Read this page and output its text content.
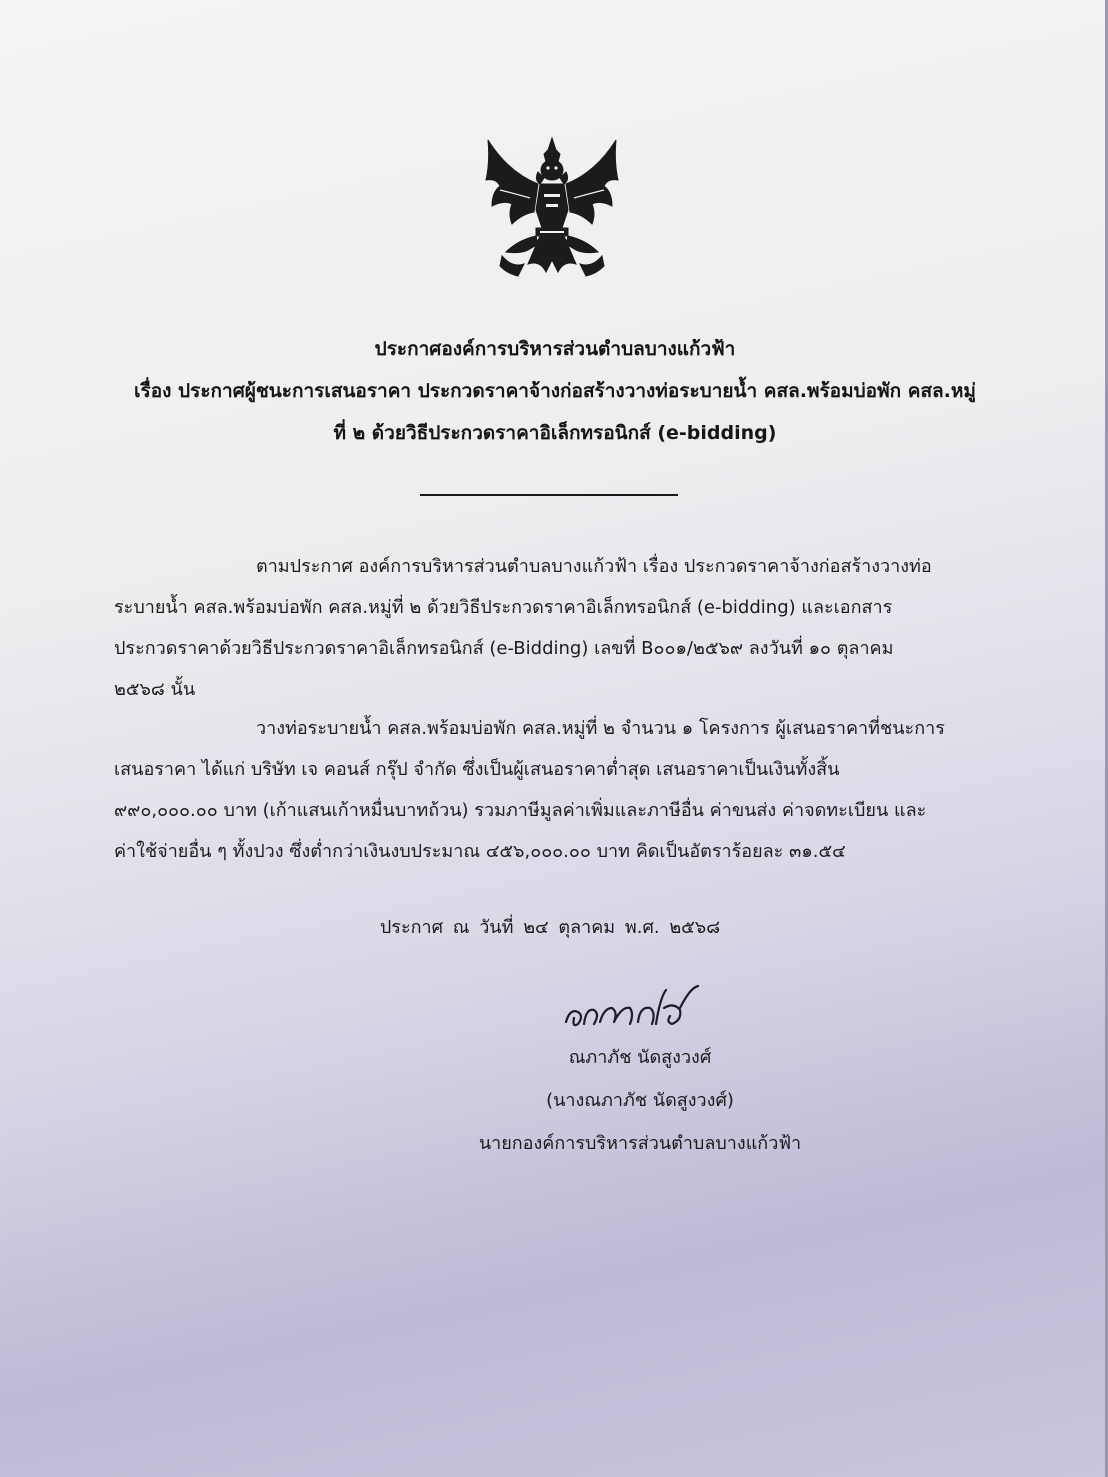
ประกาศองค์การบริหารส่วนตำบลบางแก้วฟ้า
เรื่อง ประกาศผู้ชนะการเสนอราคา ประกวดราคาจ้างก่อสร้างวางท่อระบายน้ำ คสล.พร้อมบ่อพัก คสล.หมู่
ที่ ๒ ด้วยวิธีประกวดราคาอิเล็กทรอนิกส์ (e-bidding)
ตามประกาศ องค์การบริหารส่วนตำบลบางแก้วฟ้า เรื่อง ประกวดราคาจ้างก่อสร้างวางท่อ
ระบายน้ำ คสล.พร้อมบ่อพัก คสล.หมู่ที่ ๒ ด้วยวิธีประกวดราคาอิเล็กทรอนิกส์ (e-bidding) และเอกสาร
ประกวดราคาด้วยวิธีประกวดราคาอิเล็กทรอนิกส์ (e-Bidding) เลขที่ B๐๐๑/๒๕๖๙ ลงวันที่ ๑๐ ตุลาคม
๒๕๖๘ นั้น
วางท่อระบายน้ำ คสล.พร้อมบ่อพัก คสล.หมู่ที่ ๒ จำนวน ๑ โครงการ ผู้เสนอราคาที่ชนะการ
เสนอราคา ได้แก่ บริษัท เจ คอนส์ กรุ๊ป จำกัด ซึ่งเป็นผู้เสนอราคาต่ำสุด เสนอราคาเป็นเงินทั้งสิ้น
๙๙๐,๐๐๐.๐๐ บาท (เก้าแสนเก้าหมื่นบาทถ้วน) รวมภาษีมูลค่าเพิ่มและภาษีอื่น ค่าขนส่ง ค่าจดทะเบียน และ
ค่าใช้จ่ายอื่น ๆ ทั้งปวง ซึ่งต่ำกว่าเงินงบประมาณ ๔๕๖,๐๐๐.๐๐ บาท คิดเป็นอัตราร้อยละ ๓๑.๕๔
ประกาศ ณ วันที่ ๒๔ ตุลาคม พ.ศ. ๒๕๖๘
ณภาภัช นัดสูงวงศ์
(นางณภาภัช นัดสูงวงศ์)
นายกองค์การบริหารส่วนตำบลบางแก้วฟ้า
